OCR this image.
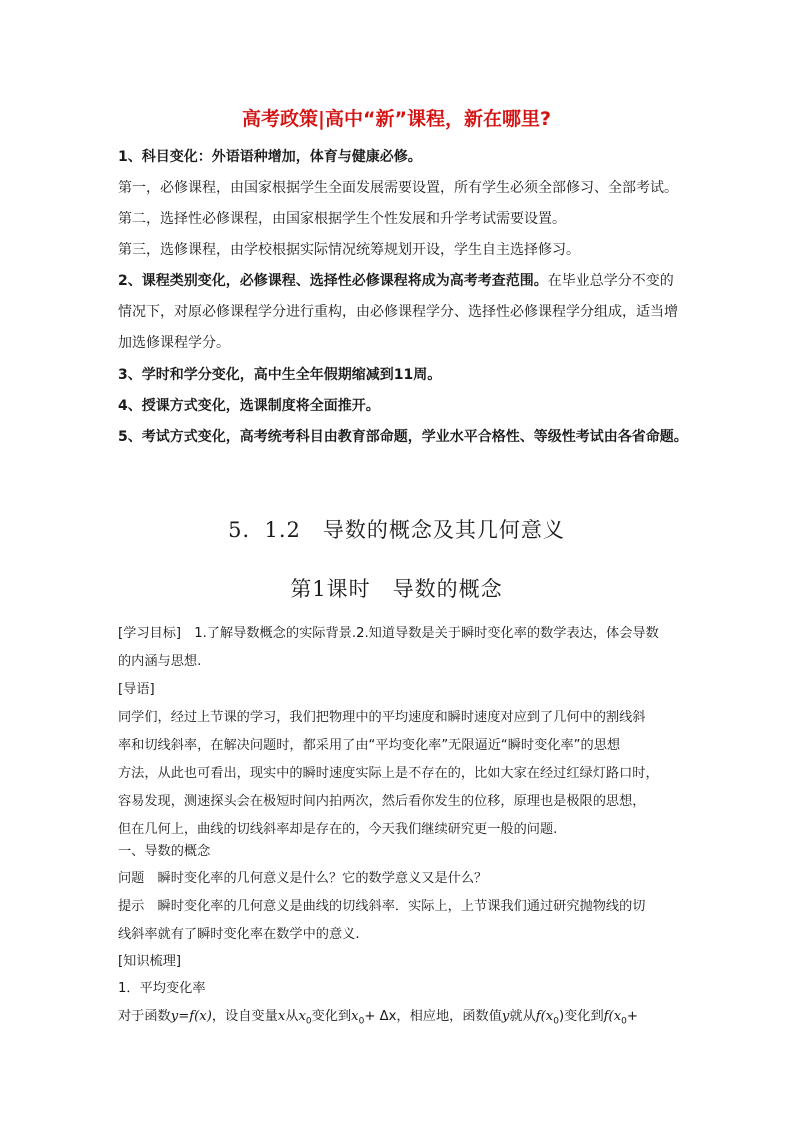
高考政策|高中“新”课程，新在哪里?
1、科目变化：外语语种增加，体育与健康必修。
第一，必修课程，由国家根据学生全面发展需要设置，所有学生必须全部修习、全部考试。
第二，选择性必修课程，由国家根据学生个性发展和升学考试需要设置。
第三，选修课程，由学校根据实际情况统筹规划开设，学生自主选择修习。
2、课程类别变化，必修课程、选择性必修课程将成为高考考查范围。在毕业总学分不变的
情况下，对原必修课程学分进行重构，由必修课程学分、选择性必修课程学分组成，适当增
加选修课程学分。
3、学时和学分变化，高中生全年假期缩减到11周。
4、授课方式变化，选课制度将全面推开。
5、考试方式变化，高考统考科目由教育部命题，学业水平合格性、等级性考试由各省命题。
5．1.2　导数的概念及其几何意义
第1课时　导数的概念
[学习目标]　1.了解导数概念的实际背景.2.知道导数是关于瞬时变化率的数学表达，体会导数
的内涵与思想.
[导语]
同学们，经过上节课的学习，我们把物理中的平均速度和瞬时速度对应到了几何中的割线斜
率和切线斜率，在解决问题时，都采用了由“平均变化率”无限逼近“瞬时变化率”的思想
方法，从此也可看出，现实中的瞬时速度实际上是不存在的，比如大家在经过红绿灯路口时，
容易发现，测速探头会在极短时间内拍两次，然后看你发生的位移，原理也是极限的思想，
但在几何上，曲线的切线斜率却是存在的，今天我们继续研究更一般的问题.
一、导数的概念
问题　瞬时变化率的几何意义是什么？它的数学意义又是什么？
提示　瞬时变化率的几何意义是曲线的切线斜率．实际上，上节课我们通过研究抛物线的切
线斜率就有了瞬时变化率在数学中的意义.
[知识梳理]
1．平均变化率
对于函数y=f(x)，设自变量x从$x_0$变化到$x_0+ \Delta x$，相应地，函数值y就从$f(x_0)$变化到$f(x_0+$
